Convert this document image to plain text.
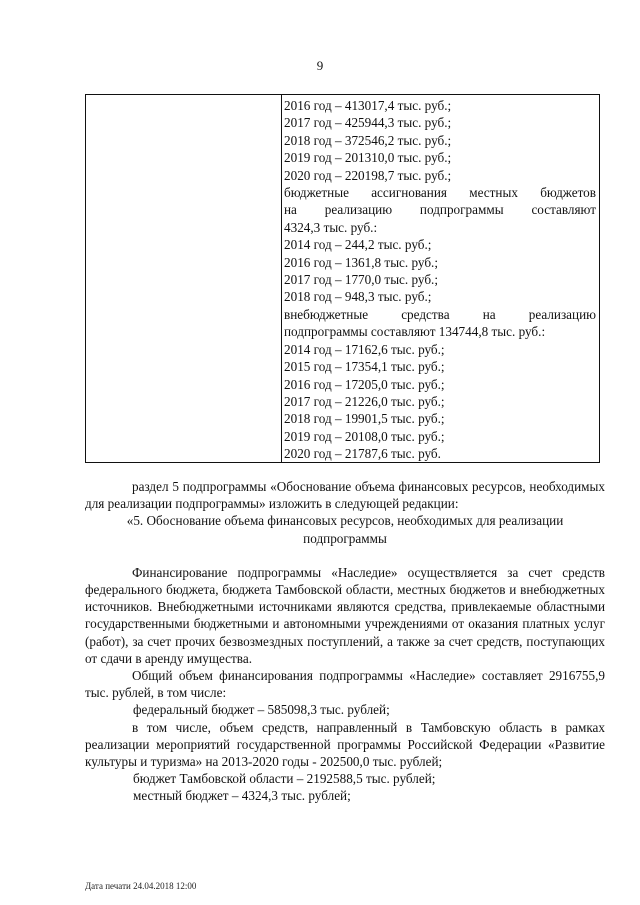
9
2016 год – 413017,4 тыс. руб.;
2017 год – 425944,3 тыс. руб.;
2018 год – 372546,2 тыс. руб.;
2019 год – 201310,0 тыс. руб.;
2020 год – 220198,7 тыс. руб.;
бюджетные ассигнования местных бюджетов
на реализацию подпрограммы составляют
4324,3 тыс. руб.:
2014 год – 244,2 тыс. руб.;
2016 год – 1361,8 тыс. руб.;
2017 год – 1770,0 тыс. руб.;
2018 год – 948,3 тыс. руб.;
внебюджетные средства на реализацию
подпрограммы составляют 134744,8 тыс. руб.:
2014 год – 17162,6 тыс. руб.;
2015 год – 17354,1 тыс. руб.;
2016 год – 17205,0 тыс. руб.;
2017 год – 21226,0 тыс. руб.;
2018 год – 19901,5 тыс. руб.;
2019 год – 20108,0 тыс. руб.;
2020 год – 21787,6 тыс. руб.
раздел 5 подпрограммы «Обоснование объема финансовых ресурсов, необходимых для реализации подпрограммы» изложить в следующей редакции:
«5. Обоснование объема финансовых ресурсов, необходимых для реализации подпрограммы
Финансирование подпрограммы «Наследие» осуществляется за счет средств федерального бюджета, бюджета Тамбовской области, местных бюджетов и внебюджетных источников. Внебюджетными источниками являются средства, привлекаемые областными государственными бюджетными и автономными учреждениями от оказания платных услуг (работ), за счет прочих безвозмездных поступлений, а также за счет средств, поступающих от сдачи в аренду имущества.
Общий объем финансирования подпрограммы «Наследие» составляет 2916755,9 тыс. рублей, в том числе:
федеральный бюджет – 585098,3 тыс. рублей;
в том числе, объем средств, направленный в Тамбовскую область в рамках реализации мероприятий государственной программы Российской Федерации «Развитие культуры и туризма» на 2013-2020 годы - 202500,0 тыс. рублей;
бюджет Тамбовской области – 2192588,5 тыс. рублей;
местный бюджет – 4324,3 тыс. рублей;
Дата печати 24.04.2018 12:00
